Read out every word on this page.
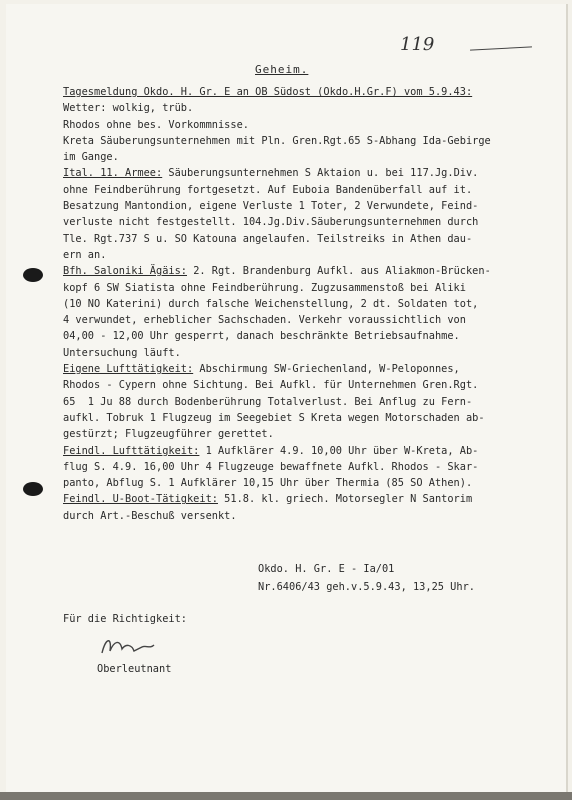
119
Geheim.
Tagesmeldung Okdo. H. Gr. E an OB Südost (Okdo.H.Gr.F) vom 5.9.43:
Wetter: wolkig, trüb.
Rhodos ohne bes. Vorkommnisse.
Kreta Säuberungsunternehmen mit Pln. Gren.Rgt.65 S-Abhang Ida-Gebirge
im Gange.
Ital. 11. Armee: Säuberungsunternehmen S Aktaion u. bei 117.Jg.Div.
ohne Feindberührung fortgesetzt. Auf Euboia Bandenüberfall auf it.
Besatzung Mantondion, eigene Verluste 1 Toter, 2 Verwundete, Feind-
verluste nicht festgestellt. 104.Jg.Div.Säuberungsunternehmen durch
Tle. Rgt.737 S u. SO Katouna angelaufen. Teilstreiks in Athen dau-
ern an.
Bfh. Saloniki Ägäis: 2. Rgt. Brandenburg Aufkl. aus Aliakmon-Brücken-
kopf 6 SW Siatista ohne Feindberührung. Zugzusammenstoß bei Aliki
(10 NO Katerini) durch falsche Weichenstellung, 2 dt. Soldaten tot,
4 verwundet, erheblicher Sachschaden. Verkehr voraussichtlich von
04,00 - 12,00 Uhr gesperrt, danach beschränkte Betriebsaufnahme.
Untersuchung läuft.
Eigene Lufttätigkeit: Abschirmung SW-Griechenland, W-Peloponnes,
Rhodos - Cypern ohne Sichtung. Bei Aufkl. für Unternehmen Gren.Rgt.
65  1 Ju 88 durch Bodenberührung Totalverlust. Bei Anflug zu Fern-
aufkl. Tobruk 1 Flugzeug im Seegebiet S Kreta wegen Motorschaden ab-
gestürzt; Flugzeugführer gerettet.
Feindl. Lufttätigkeit: 1 Aufklärer 4.9. 10,00 Uhr über W-Kreta, Ab-
flug S. 4.9. 16,00 Uhr 4 Flugzeuge bewaffnete Aufkl. Rhodos - Skar-
panto, Abflug S. 1 Aufklärer 10,15 Uhr über Thermia (85 SO Athen).
Feindl. U-Boot-Tätigkeit: 51.8. kl. griech. Motorsegler N Santorim
durch Art.-Beschuß versenkt.
Okdo. H. Gr. E - Ia/01
Nr.6406/43 geh.v.5.9.43, 13,25 Uhr.
Für die Richtigkeit:
Oberleutnant
